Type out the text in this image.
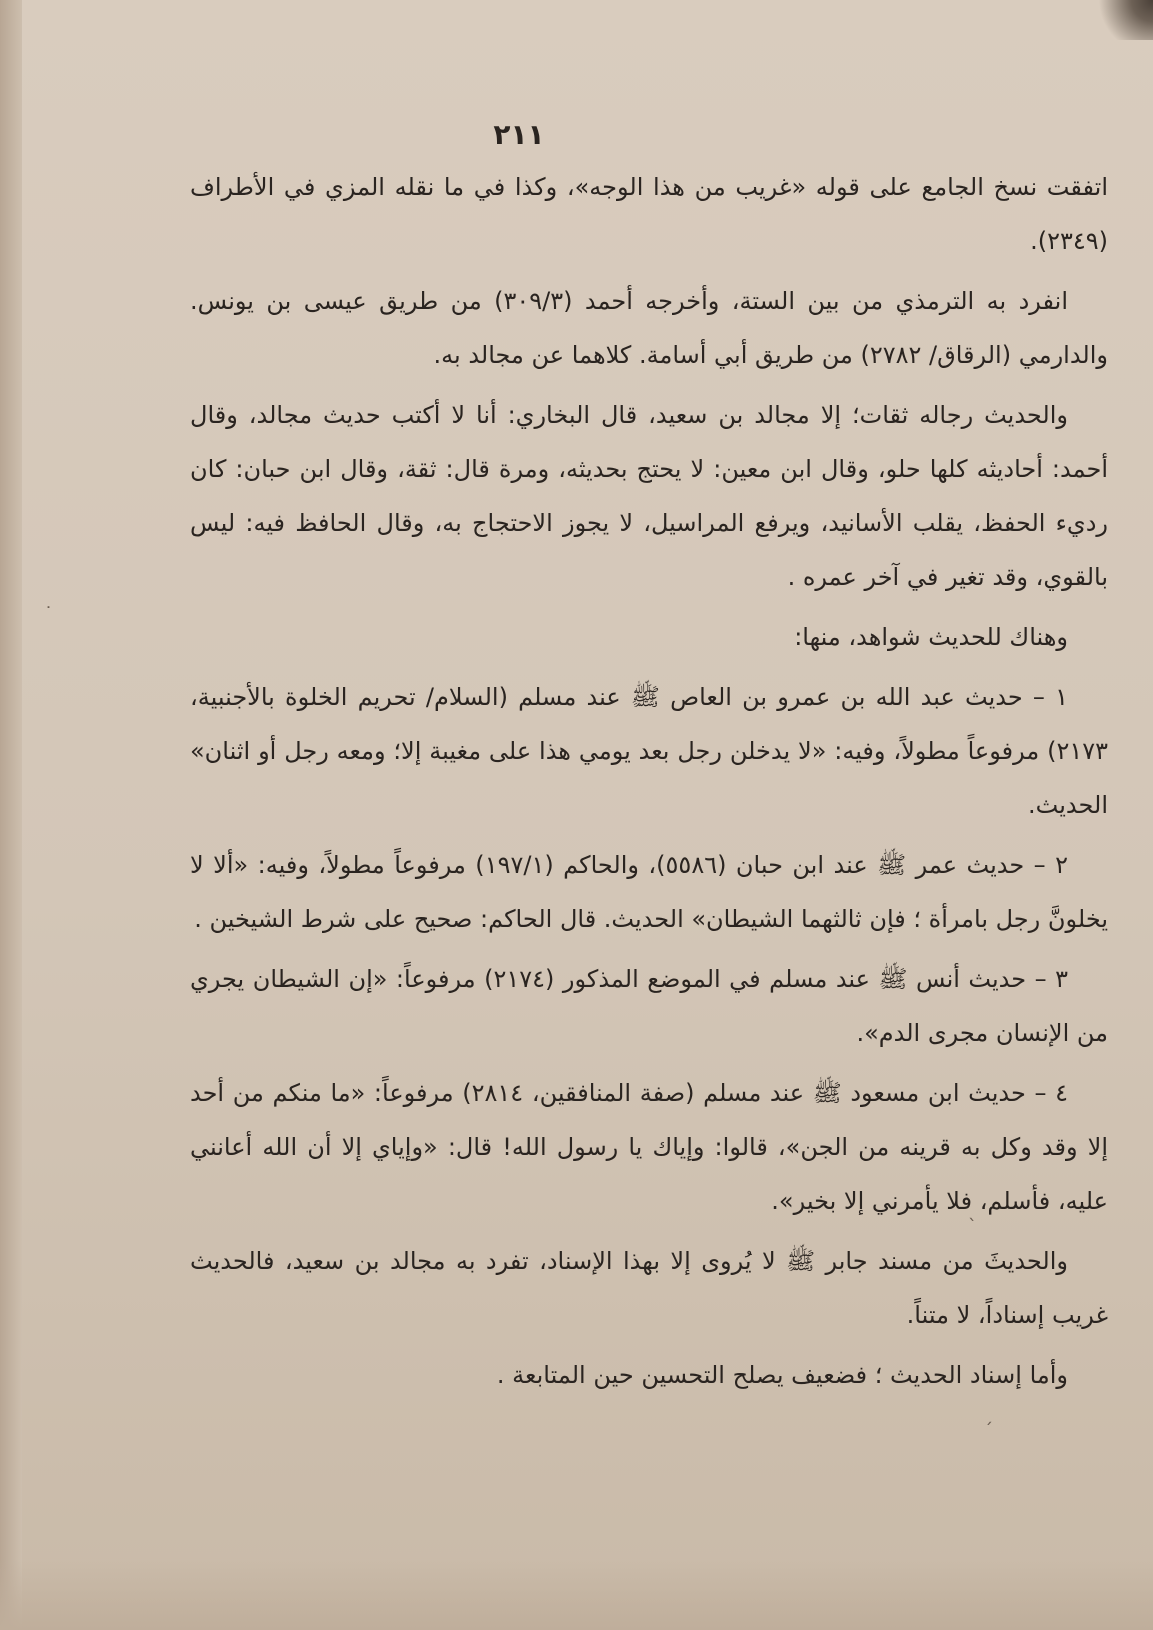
˙
ˋ
ˏ
٢١١

اتفقت نسخ الجامع على قوله «غريب من هذا الوجه»، وكذا في ما نقله المزي في الأطراف (٢٣٤٩).

انفرد به الترمذي من بين الستة، وأخرجه أحمد (٣٠٩/٣) من طريق عيسى بن يونس. والدارمي (الرقاق/ ٢٧٨٢) من طريق أبي أسامة. كلاهما عن مجالد به.

والحديث رجاله ثقات؛ إلا مجالد بن سعيد، قال البخاري: أنا لا أكتب حديث مجالد، وقال أحمد: أحاديثه كلها حلو، وقال ابن معين: لا يحتج بحديثه، ومرة قال: ثقة، وقال ابن حبان: كان رديء الحفظ، يقلب الأسانيد، ويرفع المراسيل، لا يجوز الاحتجاج به، وقال الحافظ فيه: ليس بالقوي، وقد تغير في آخر عمره .

وهناك للحديث شواهد، منها:

١ – حديث عبد الله بن عمرو بن العاص ﷺ عند مسلم (السلام/ تحريم الخلوة بالأجنبية، ٢١٧٣) مرفوعاً مطولاً، وفيه: «لا يدخلن رجل بعد يومي هذا على مغيبة إلا؛ ومعه رجل أو اثنان» الحديث.

٢ – حديث عمر ﷺ عند ابن حبان (٥٥٨٦)، والحاكم (١٩٧/١) مرفوعاً مطولاً، وفيه: «ألا لا يخلونَّ رجل بامرأة ؛ فإن ثالثهما الشيطان» الحديث. قال الحاكم: صحيح على شرط الشيخين .

٣ – حديث أنس ﷺ عند مسلم في الموضع المذكور (٢١٧٤) مرفوعاً: «إن الشيطان يجري من الإنسان مجرى الدم».

٤ – حديث ابن مسعود ﷺ عند مسلم (صفة المنافقين، ٢٨١٤) مرفوعاً: «ما منكم من أحد إلا وقد وكل به قرينه من الجن»، قالوا: وإياك يا رسول الله! قال: «وإياي إلا أن الله أعانني عليه، فأسلم، فلا يأمرني إلا بخير».

والحديثَ من مسند جابر ﷺ لا يُروى إلا بهذا الإسناد، تفرد به مجالد بن سعيد، فالحديث غريب إسناداً، لا متناً.

وأما إسناد الحديث ؛ فضعيف يصلح التحسين حين المتابعة .
